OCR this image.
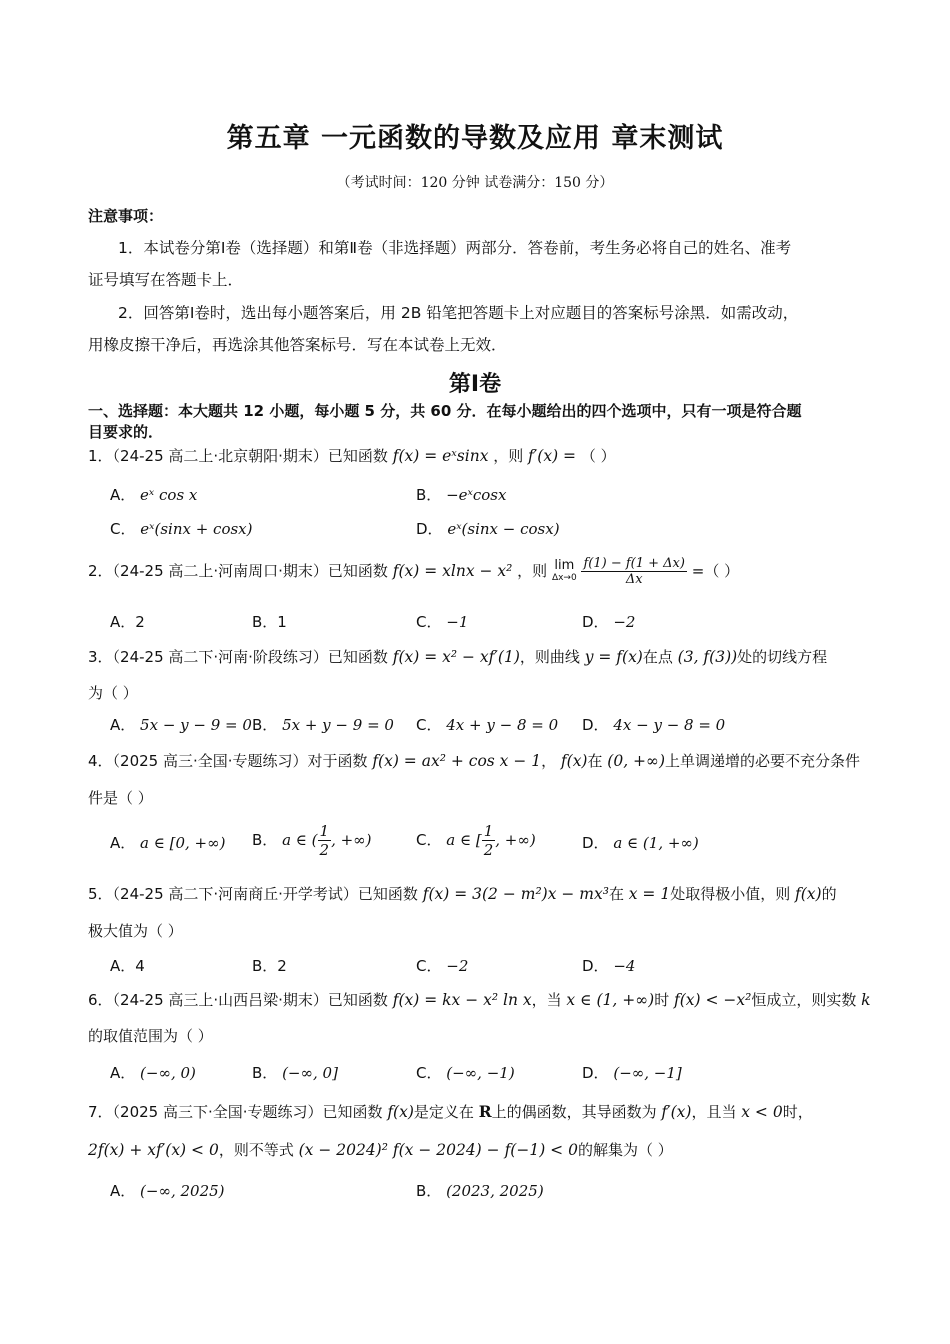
第五章 一元函数的导数及应用 章末测试
（考试时间：120 分钟 试卷满分：150 分）
注意事项：
1．本试卷分第Ⅰ卷（选择题）和第Ⅱ卷（非选择题）两部分．答卷前，考生务必将自己的姓名、准考
证号填写在答题卡上．
2．回答第Ⅰ卷时，选出每小题答案后，用 2B 铅笔把答题卡上对应题目的答案标号涂黑．如需改动，
用橡皮擦干净后，再选涂其他答案标号．写在本试卷上无效．
第Ⅰ卷
一、选择题：本大题共 12 小题，每小题 5 分，共 60 分．在每小题给出的四个选项中，只有一项是符合题
目要求的．
1．（24-25 高二上·北京朝阳·期末）已知函数 f(x) = eˣsinx ，则 f′(x) = （ ）
A． eˣ cos x	B． −eˣcosx
C． eˣ(sinx + cosx)	D． eˣ(sinx − cosx)
2．（24-25 高二上·河南周口·期末）已知函数 f(x) = xlnx − x² ，则 lim
Δx→0
$\frac{f(1) - f(1 + \Delta x)}{\Delta x}$ =（ ）
A．2	B．1	C． −1	D． −2
3．（24-25 高二下·河南·阶段练习）已知函数 f(x) = x² − xf′(1)，则曲线 y = f(x)在点 (3, f(3))处的切线方程
为（ ）
A． 5x − y − 9 = 0 B． 5x + y − 9 = 0 C． 4x + y − 8 = 0 D． 4x − y − 8 = 0
4．（2025 高三·全国·专题练习）对于函数 f(x) = ax² + cos x − 1， f(x)在 (0, +∞)上单调递增的必要不充分条件
件是（ ）
A． a ∈ [0, +∞) B． a ∈ ( $\frac{1}{2}$ , +∞)	C． a ∈ [ $\frac{1}{2}$ , +∞)	D． a ∈ (1, +∞)
5．（24-25 高二下·河南商丘·开学考试）已知函数 f(x) = 3(2 − m²)x − mx³在 x = 1处取得极小值，则 f(x)的
极大值为（ ）
A．4	B．2	C． −2	D． −4
6．（24-25 高三上·山西吕梁·期末）已知函数 f(x) = kx − x² ln x，当 x ∈ (1, +∞)时 f(x) < −x²恒成立，则实数 k
的取值范围为（ ）
A． (−∞, 0)	B． (−∞, 0]	C． (−∞, −1)	D． (−∞, −1]
7．（2025 高三下·全国·专题练习）已知函数 f(x)是定义在 R上的偶函数，其导函数为 f′(x)，且当 x < 0时，
2f(x) + xf′(x) < 0，则不等式 (x − 2024)² f(x − 2024) − f(−1) < 0的解集为（ ）
A． (−∞, 2025)	B． (2023, 2025)
